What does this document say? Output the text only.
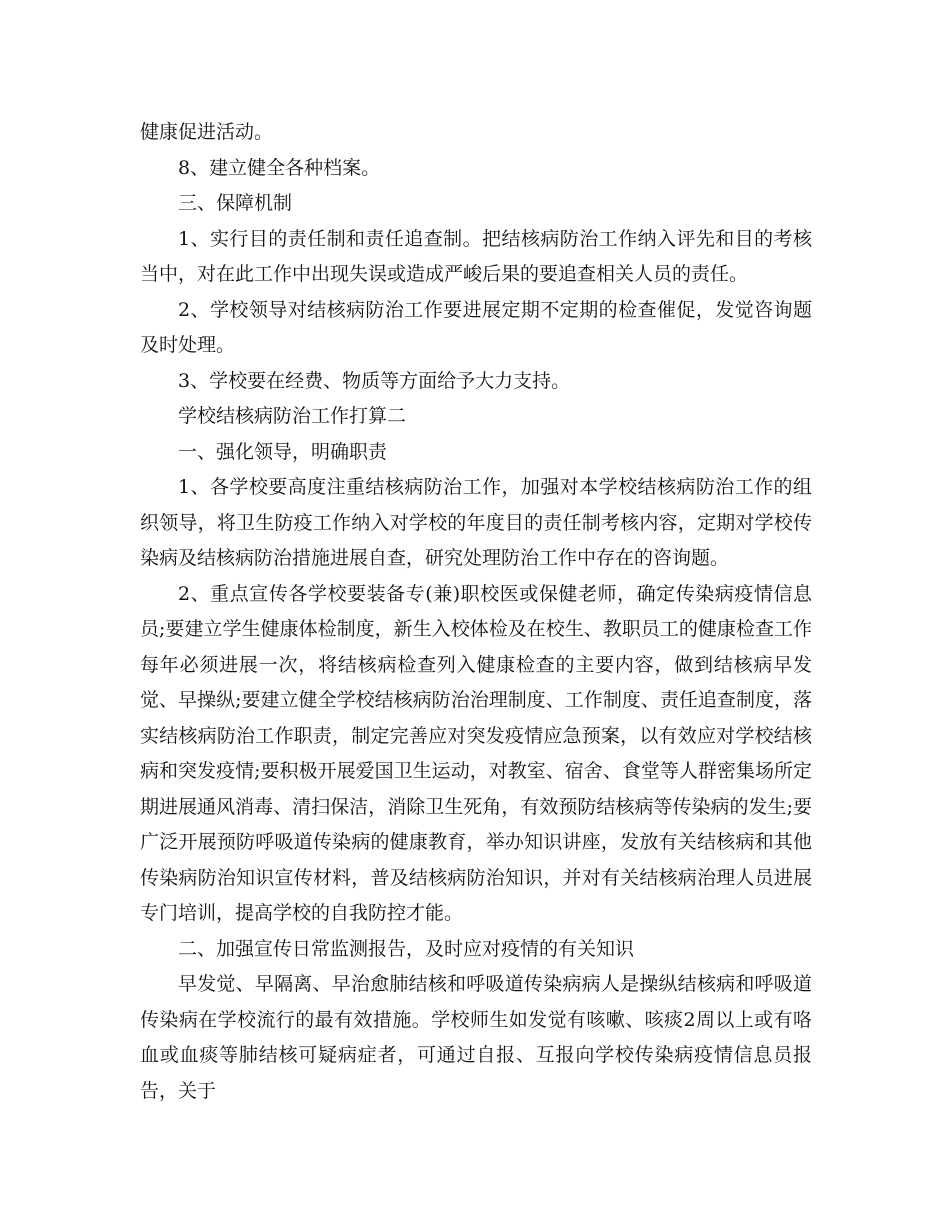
健康促进活动。

8、建立健全各种档案。

三、保障机制

1、实行目的责任制和责任追查制。把结核病防治工作纳入评先和目的考核当中，对在此工作中出现失误或造成严峻后果的要追查相关人员的责任。

2、学校领导对结核病防治工作要进展定期不定期的检查催促，发觉咨询题及时处理。

3、学校要在经费、物质等方面给予大力支持。

学校结核病防治工作打算二

一、强化领导，明确职责

1、各学校要高度注重结核病防治工作，加强对本学校结核病防治工作的组织领导，将卫生防疫工作纳入对学校的年度目的责任制考核内容，定期对学校传染病及结核病防治措施进展自查，研究处理防治工作中存在的咨询题。

2、重点宣传各学校要装备专(兼)职校医或保健老师，确定传染病疫情信息员;要建立学生健康体检制度，新生入校体检及在校生、教职员工的健康检查工作每年必须进展一次，将结核病检查列入健康检查的主要内容，做到结核病早发觉、早操纵;要建立健全学校结核病防治治理制度、工作制度、责任追查制度，落实结核病防治工作职责，制定完善应对突发疫情应急预案，以有效应对学校结核病和突发疫情;要积极开展爱国卫生运动，对教室、宿舍、食堂等人群密集场所定期进展通风消毒、清扫保洁，消除卫生死角，有效预防结核病等传染病的发生;要广泛开展预防呼吸道传染病的健康教育，举办知识讲座，发放有关结核病和其他传染病防治知识宣传材料，普及结核病防治知识，并对有关结核病治理人员进展专门培训，提高学校的自我防控才能。

二、加强宣传日常监测报告，及时应对疫情的有关知识

早发觉、早隔离、早治愈肺结核和呼吸道传染病病人是操纵结核病和呼吸道传染病在学校流行的最有效措施。学校师生如发觉有咳嗽、咳痰2周以上或有咯血或血痰等肺结核可疑病症者，可通过自报、互报向学校传染病疫情信息员报告，关于
